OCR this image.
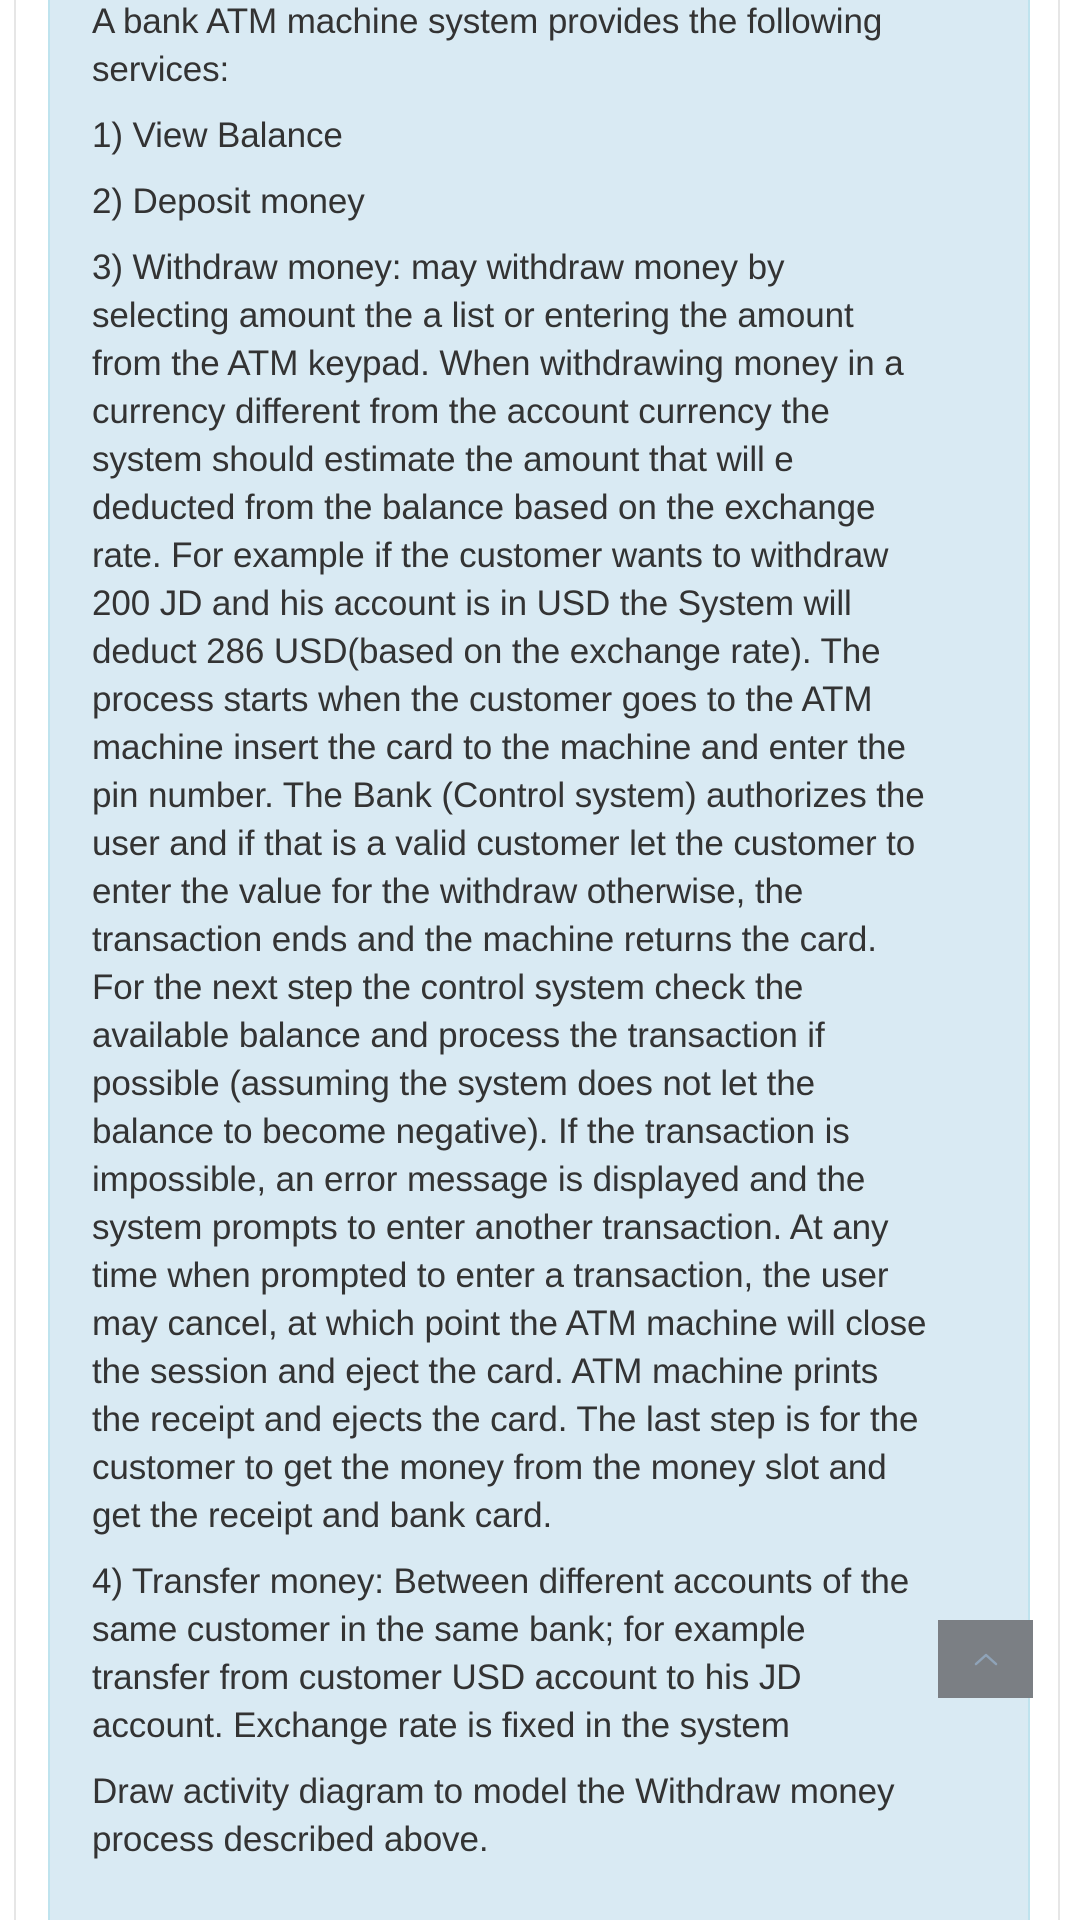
A bank ATM machine system provides the following services:

1) View Balance

2) Deposit money

3) Withdraw money: may withdraw money by selecting amount the a list or entering the amount from the ATM keypad. When withdrawing money in a currency different from the account currency the system should estimate the amount that will e deducted from the balance based on the exchange rate. For example if the customer wants to withdraw 200 JD and his account is in USD the System will deduct 286 USD(based on the exchange rate). The process starts when the customer goes to the ATM machine insert the card to the machine and enter the pin number. The Bank (Control system) authorizes the user and if that is a valid customer let the customer to enter the value for the withdraw otherwise, the transaction ends and the machine returns the card. For the next step the control system check the available balance and process the transaction if possible (assuming the system does not let the balance to become negative). If the transaction is impossible, an error message is displayed and the system prompts to enter another transaction. At any time when prompted to enter a transaction, the user may cancel, at which point the ATM machine will close the session and eject the card. ATM machine prints the receipt and ejects the card. The last step is for the customer to get the money from the money slot and get the receipt and bank card.

4) Transfer money: Between different accounts of the same customer in the same bank; for example transfer from customer USD account to his JD account. Exchange rate is fixed in the system

Draw activity diagram to model the Withdraw money process described above.
